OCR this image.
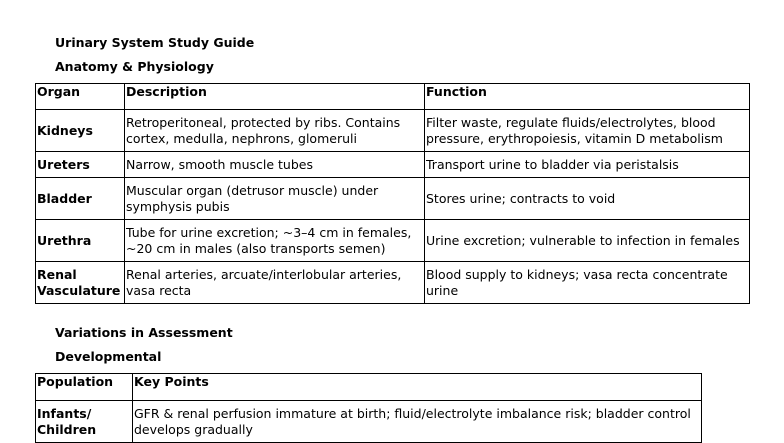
Urinary System Study Guide
Anatomy & Physiology
Organ	Description	Function
Kidneys	Retroperitoneal, protected by ribs. Contains cortex, medulla, nephrons, glomeruli	Filter waste, regulate fluids/electrolytes, blood pressure, erythropoiesis, vitamin D metabolism
Ureters	Narrow, smooth muscle tubes	Transport urine to bladder via peristalsis
Bladder	Muscular organ (detrusor muscle) under symphysis pubis	Stores urine; contracts to void
Urethra	Tube for urine excretion; ~3–4 cm in females, ~20 cm in males (also transports semen)	Urine excretion; vulnerable to infection in females
Renal Vasculature	Renal arteries, arcuate/interlobular arteries, vasa recta	Blood supply to kidneys; vasa recta concentrate urine
Variations in Assessment
Developmental
Population	Key Points
Infants/ Children	GFR & renal perfusion immature at birth; fluid/electrolyte imbalance risk; bladder control develops gradually
